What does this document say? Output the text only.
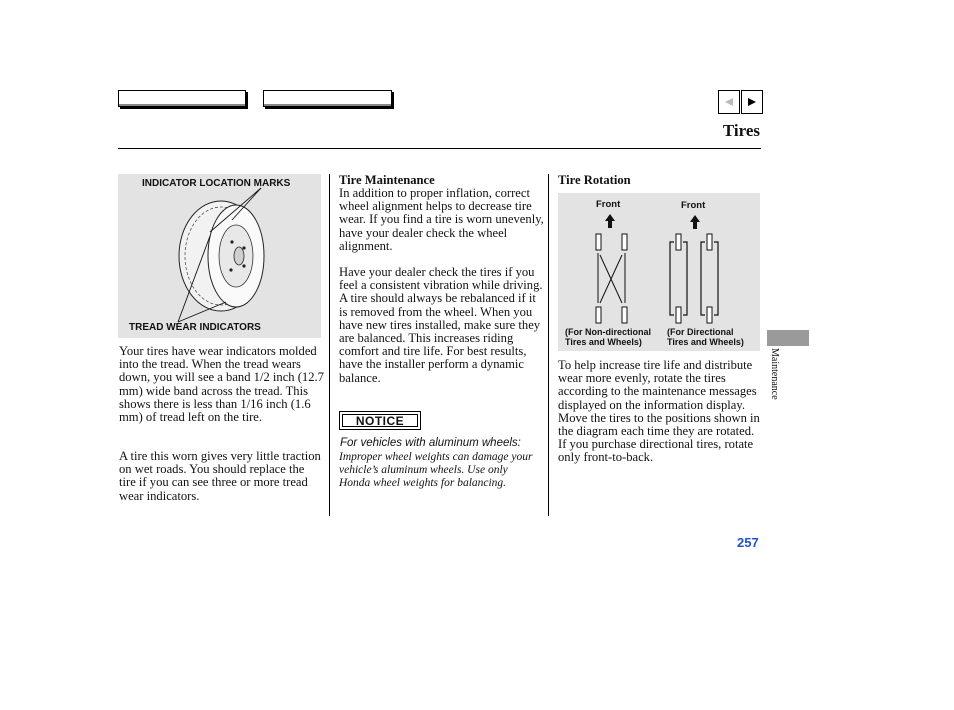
Tires
INDICATOR LOCATION MARKS
TREAD WEAR INDICATORS
Your tires have wear indicators molded into the tread. When the tread wears down, you will see a band 1/2 inch (12.7 mm) wide band across the tread. This shows there is less than 1/16 inch (1.6 mm) of tread left on the tire.
A tire this worn gives very little traction on wet roads. You should replace the tire if you can see three or more tread wear indicators.
Tire Maintenance
In addition to proper inflation, correct wheel alignment helps to decrease tire wear. If you find a tire is worn unevenly, have your dealer check the wheel alignment.
Have your dealer check the tires if you feel a consistent vibration while driving. A tire should always be rebalanced if it is removed from the wheel. When you have new tires installed, make sure they are balanced. This increases riding comfort and tire life. For best results, have the installer perform a dynamic balance.
NOTICE
For vehicles with aluminum wheels:
Improper wheel weights can damage your vehicle’s aluminum wheels. Use only Honda wheel weights for balancing.
Tire Rotation
Front	Front
(For Non-directional
Tires and Wheels)
(For Directional
Tires and Wheels)
To help increase tire life and distribute wear more evenly, rotate the tires according to the maintenance messages displayed on the information display. Move the tires to the positions shown in the diagram each time they are rotated. If you purchase directional tires, rotate only front-to-back.
Maintenance
257
